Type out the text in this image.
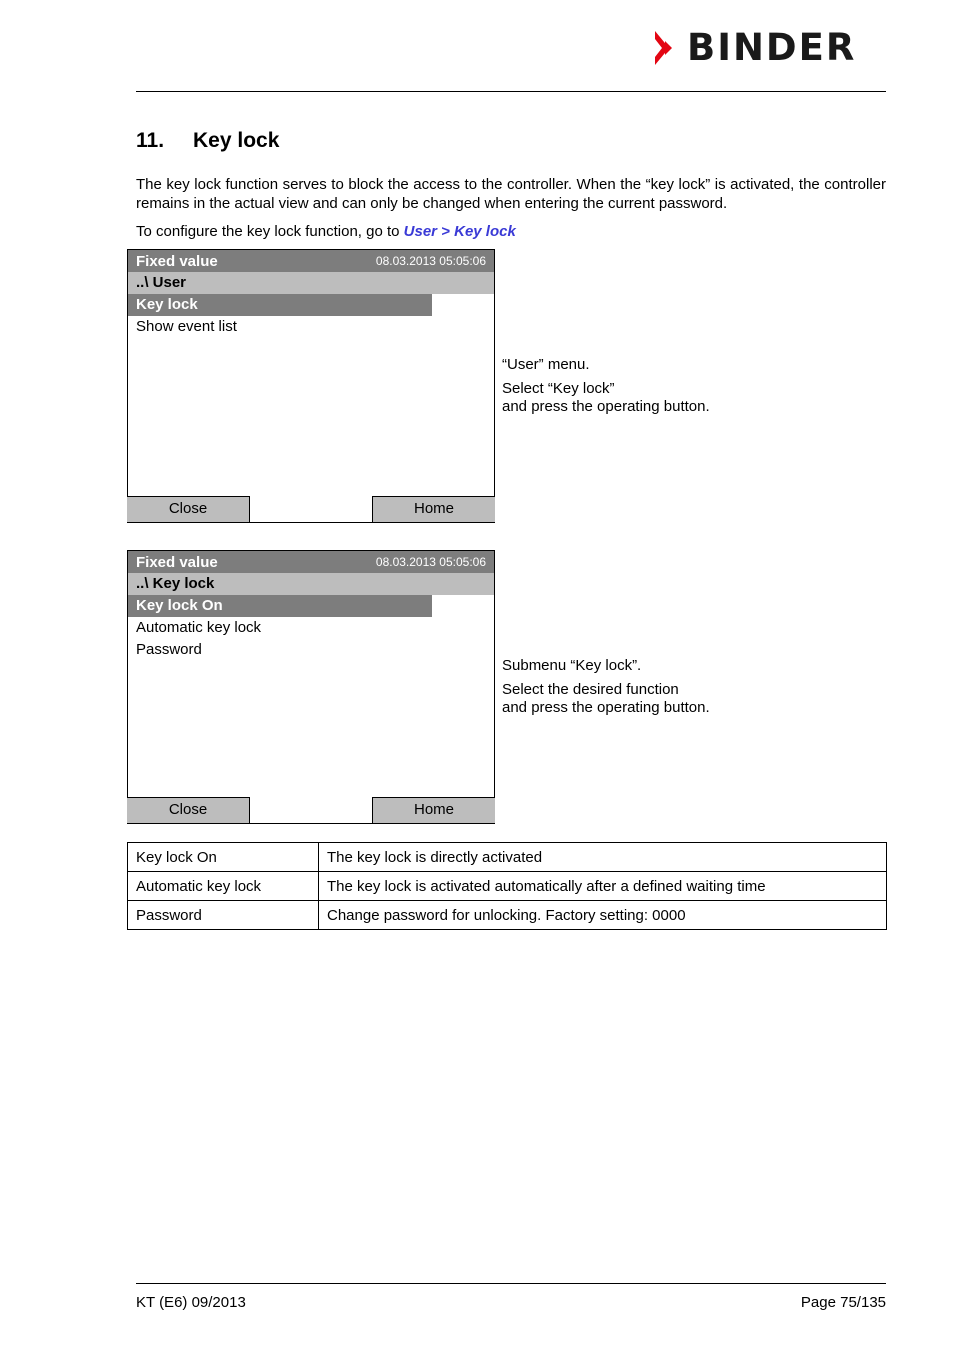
BINDER
11.	Key lock

The key lock function serves to block the access to the controller. When the “key lock” is activated, the controller remains in the actual view and can only be changed when entering the current password.

To configure the key lock function, go to User > Key lock

Fixed value	08.03.2013 05:05:06
..\ User
Key lock
Show event list
Close	Home

“User” menu.

Select “Key lock”
and press the operating button.

Fixed value	08.03.2013 05:05:06
..\ Key lock
Key lock On
Automatic key lock
Password
Close	Home

Submenu “Key lock”.

Select the desired function
and press the operating button.

Key lock On	The key lock is directly activated
Automatic key lock	The key lock is activated automatically after a defined waiting time
Password	Change password for unlocking. Factory setting: 0000
KT (E6) 09/2013	Page 75/135
